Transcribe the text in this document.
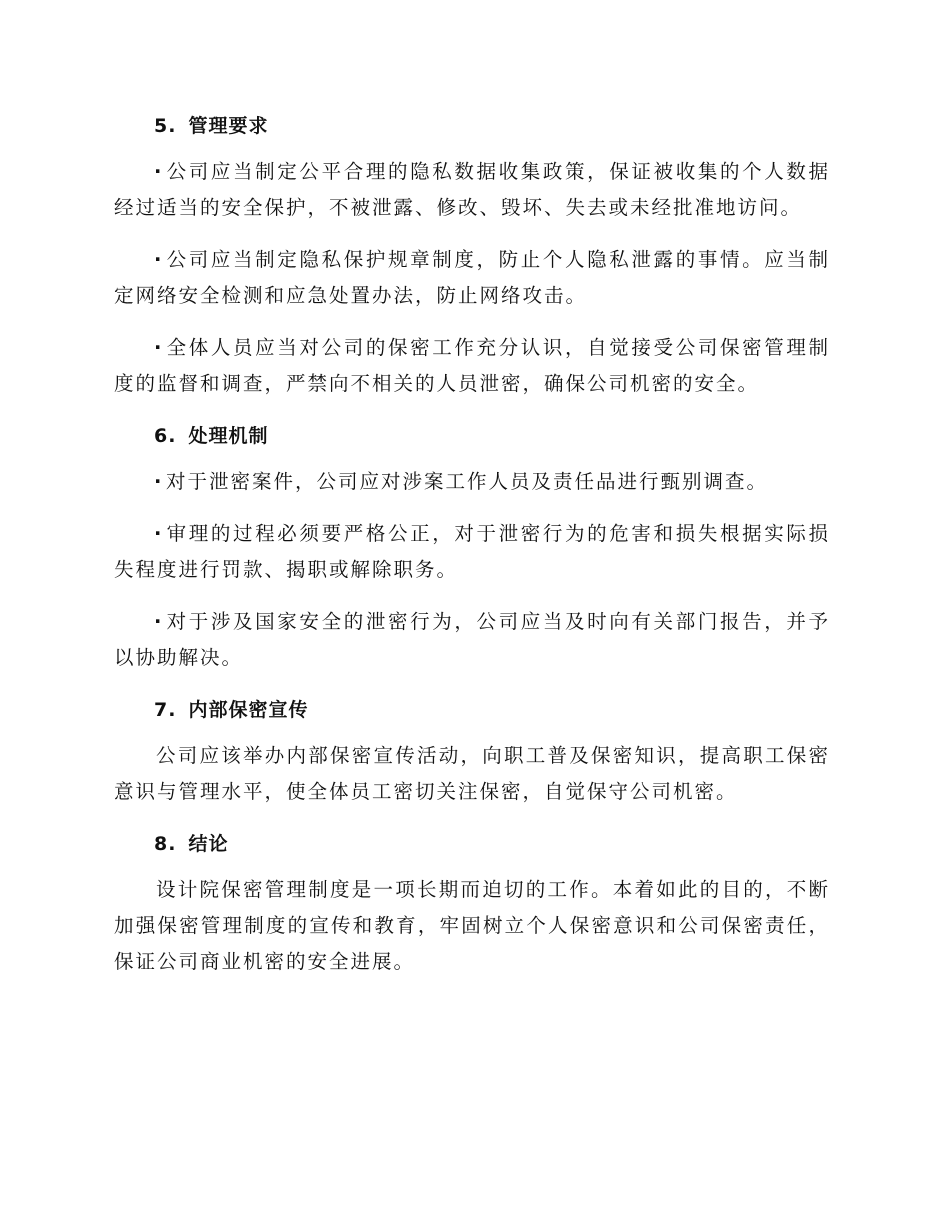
5. 管理要求

· 公司应当制定公平合理的隐私数据收集政策，保证被收集的个人数据经过适当的安全保护，不被泄露、修改、毁坏、失去或未经批准地访问。

· 公司应当制定隐私保护规章制度，防止个人隐私泄露的事情。应当制定网络安全检测和应急处置办法，防止网络攻击。

· 全体人员应当对公司的保密工作充分认识，自觉接受公司保密管理制度的监督和调查，严禁向不相关的人员泄密，确保公司机密的安全。

6. 处理机制

· 对于泄密案件，公司应对涉案工作人员及责任品进行甄别调查。

· 审理的过程必须要严格公正，对于泄密行为的危害和损失根据实际损失程度进行罚款、揭职或解除职务。

· 对于涉及国家安全的泄密行为，公司应当及时向有关部门报告，并予以协助解决。

7. 内部保密宣传

公司应该举办内部保密宣传活动，向职工普及保密知识，提高职工保密意识与管理水平，使全体员工密切关注保密，自觉保守公司机密。

8. 结论

设计院保密管理制度是一项长期而迫切的工作。本着如此的目的，不断加强保密管理制度的宣传和教育，牢固树立个人保密意识和公司保密责任，保证公司商业机密的安全进展。
